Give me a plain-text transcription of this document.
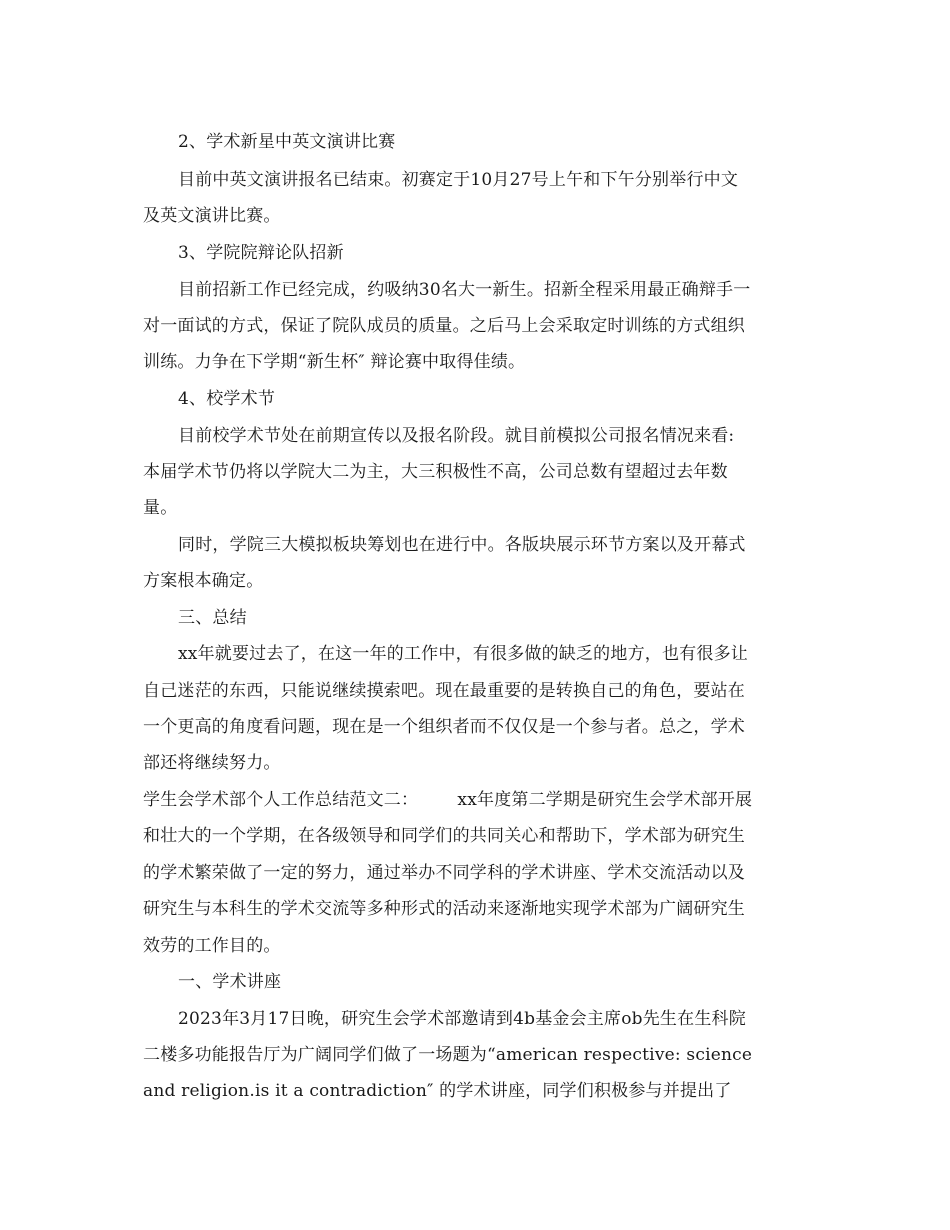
2、学术新星中英文演讲比赛
目前中英文演讲报名已结束。初赛定于10月27号上午和下午分别举行中文
及英文演讲比赛。
3、学院院辩论队招新
目前招新工作已经完成，约吸纳30名大一新生。招新全程采用最正确辩手一
对一面试的方式，保证了院队成员的质量。之后马上会采取定时训练的方式组织
训练。力争在下学期“新生杯″ 辩论赛中取得佳绩。
4、校学术节
目前校学术节处在前期宣传以及报名阶段。就目前模拟公司报名情况来看:
本届学术节仍将以学院大二为主，大三积极性不高，公司总数有望超过去年数
量。
同时，学院三大模拟板块筹划也在进行中。各版块展示环节方案以及开幕式
方案根本确定。
三、总结
xx年就要过去了，在这一年的工作中，有很多做的缺乏的地方，也有很多让
自己迷茫的东西，只能说继续摸索吧。现在最重要的是转换自己的角色，要站在
一个更高的角度看问题，现在是一个组织者而不仅仅是一个参与者。总之，学术
部还将继续努力。
学生会学术部个人工作总结范文二：       xx年度第二学期是研究生会学术部开展
和壮大的一个学期，在各级领导和同学们的共同关心和帮助下，学术部为研究生
的学术繁荣做了一定的努力，通过举办不同学科的学术讲座、学术交流活动以及
研究生与本科生的学术交流等多种形式的活动来逐渐地实现学术部为广阔研究生
效劳的工作目的。
一、学术讲座
2023年3月17日晚，研究生会学术部邀请到4b基金会主席ob先生在生科院
二楼多功能报告厅为广阔同学们做了一场题为“american respective: science
and religion.is it a contradiction″ 的学术讲座，同学们积极参与并提出了
